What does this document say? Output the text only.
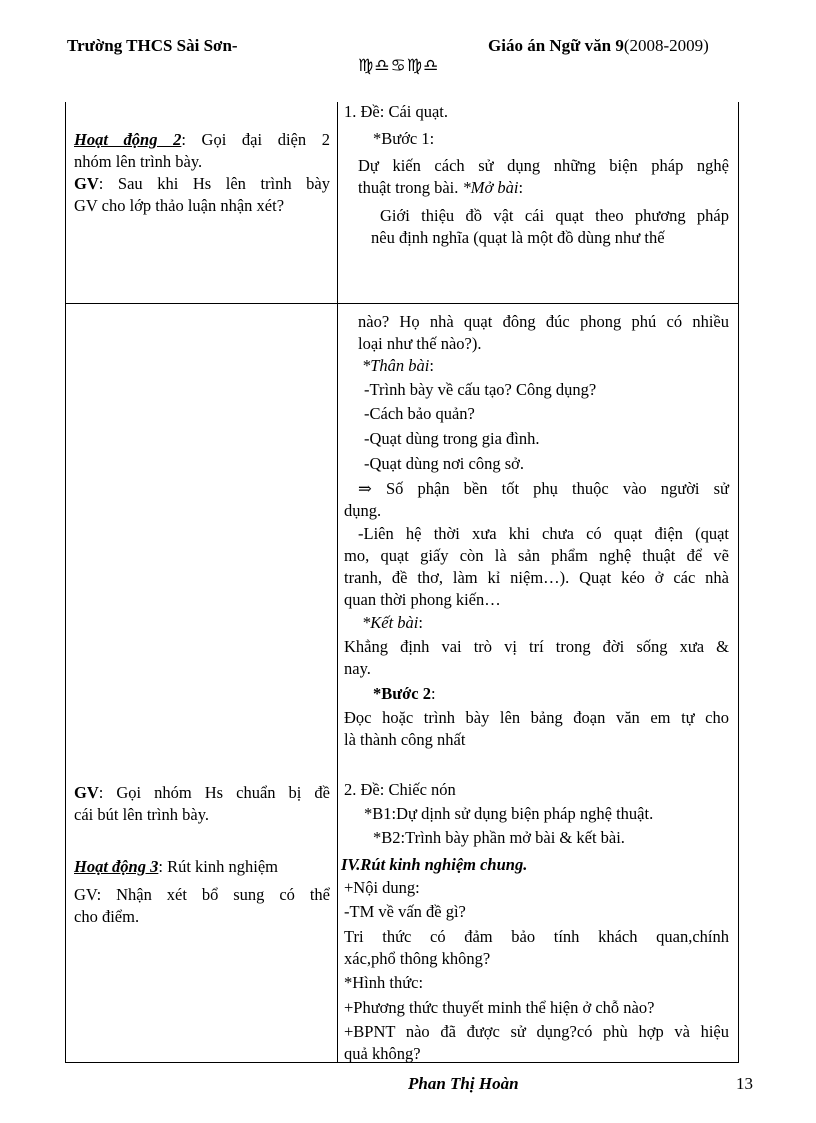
Trường THCS Sài Sơn-	Giáo án Ngữ văn 9(2008-2009)
♍♎♋♍♎
Hoạt động 2: Gọi đại diện 2
nhóm lên trình bày.
GV: Sau khi Hs lên trình bày
GV cho lớp thảo luận nhận xét?
GV: Gọi nhóm Hs chuẩn bị đề
cái bút lên trình bày.
Hoạt động 3: Rút kinh nghiệm
GV: Nhận xét bổ sung có thể
cho điểm.
1. Đề: Cái quạt.
*Bước 1:
Dự kiến cách sử dụng những biện pháp nghệ
thuật trong bài. *Mở bài:
Giới thiệu đồ vật cái quạt theo phương pháp
nêu định nghĩa (quạt là một đồ dùng như thế
nào? Họ nhà quạt đông đúc phong phú có nhiều
loại như thế nào?).
*Thân bài:
-Trình bày về cấu tạo? Công dụng?
-Cách bảo quản?
-Quạt dùng trong gia đình.
-Quạt dùng nơi công sở.
⇒ Số phận bền tốt phụ thuộc vào người sử
dụng.
-Liên hệ thời xưa khi chưa có quạt điện (quạt
mo, quạt giấy còn là sản phẩm nghệ thuật để vẽ
tranh, đề thơ, làm kỉ niệm…). Quạt kéo ở các nhà
quan thời phong kiến…
*Kết bài:
Khẳng định vai trò vị trí trong đời sống xưa &
nay.
*Bước 2:
Đọc hoặc trình bày lên bảng đoạn văn em tự cho
là thành công nhất
2. Đề: Chiếc nón
*B1:Dự dịnh sử dụng biện pháp nghệ thuật.
*B2:Trình bày phần mở bài & kết bài.
IV.Rút kinh nghiệm chung.
+Nội dung:
-TM về vấn đề gì?
Tri thức có đảm bảo tính khách quan,chính
xác,phổ thông không?
*Hình thức:
+Phương thức thuyết minh thể hiện ở chỗ nào?
+BPNT nào đã được sử dụng?có phù hợp và hiệu
quả không?
Phan Thị Hoàn	13
